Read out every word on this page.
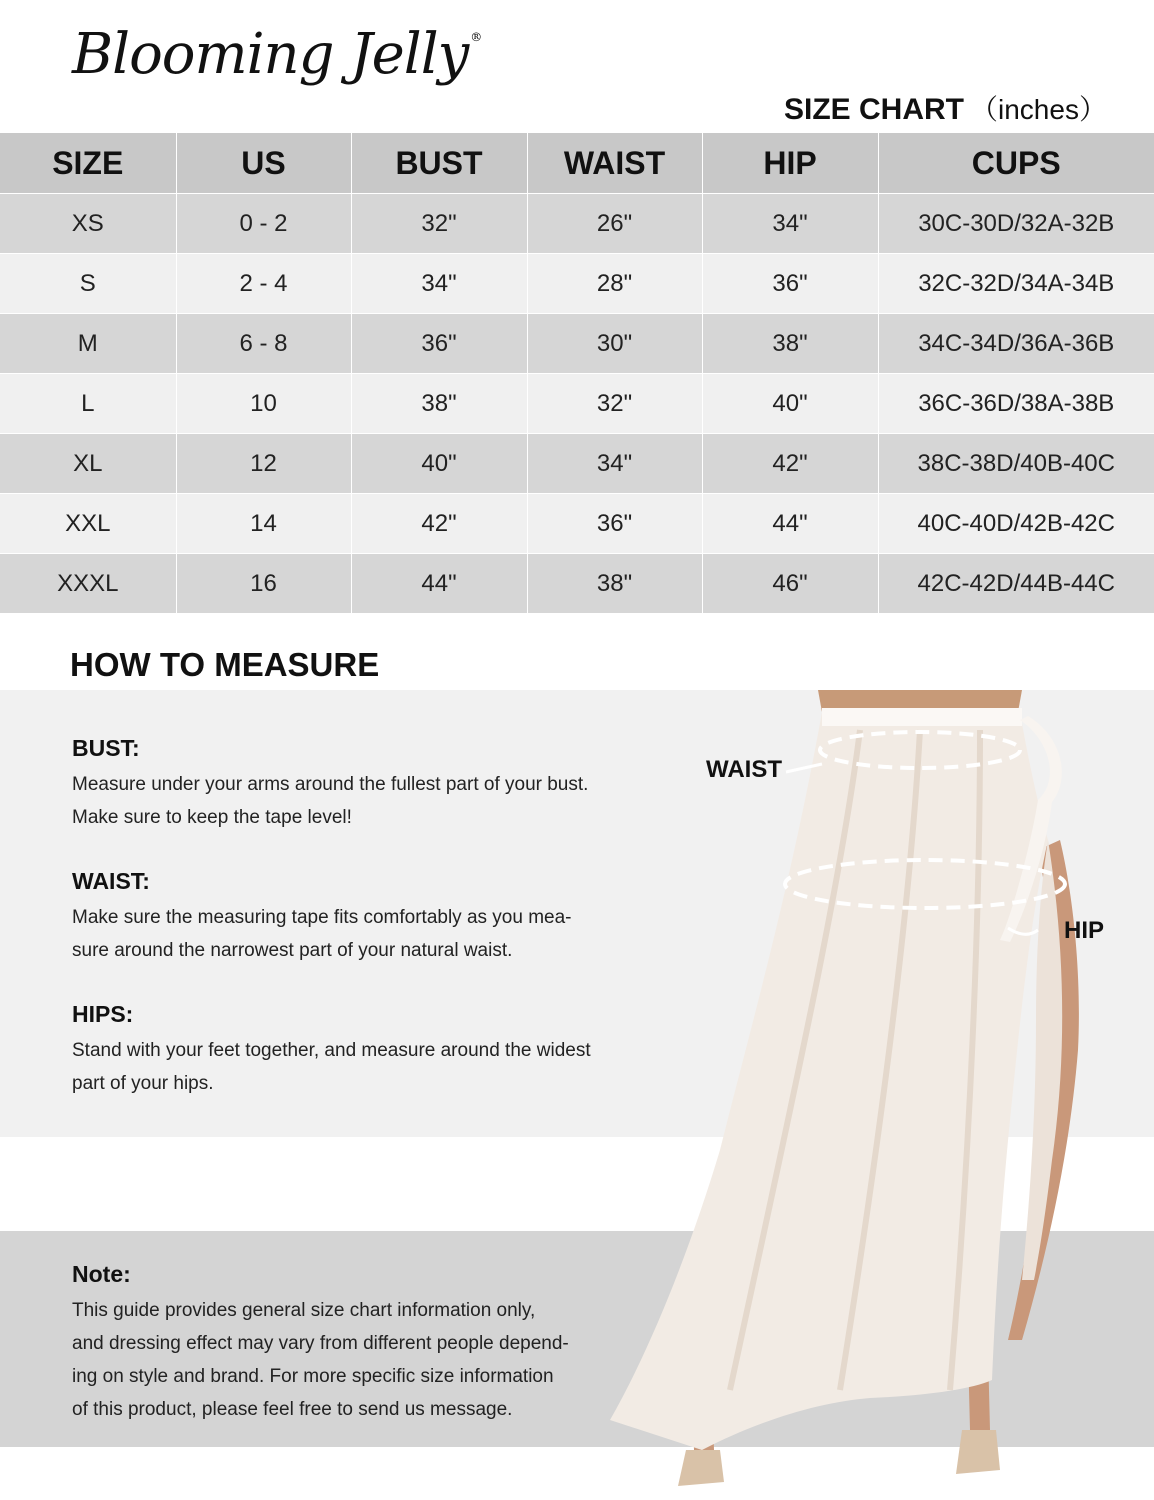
Blooming Jelly ®
SIZE CHART （inches）
SIZE	US	BUST	WAIST	HIP	CUPS
XS	0 - 2	32"	26"	34"	30C-30D/32A-32B
S	2 - 4	34"	28"	36"	32C-32D/34A-34B
M	6 - 8	36"	30"	38"	34C-34D/36A-36B
L	10	38"	32"	40"	36C-36D/38A-38B
XL	12	40"	34"	42"	38C-38D/40B-40C
XXL	14	42"	36"	44"	40C-40D/42B-42C
XXXL	16	44"	38"	46"	42C-42D/44B-44C
HOW TO MEASURE
WAIST
HIP
BUST:

Measure under your arms around the fullest part of your bust.

Make sure to keep the tape level!

WAIST:

Make sure the measuring tape fits comfortably as you mea-

sure around the narrowest part of your natural waist.

HIPS:

Stand with your feet together, and measure around the widest

part of your hips.

Note:

This guide provides general size chart information only,

and dressing effect may vary from different people depend-

ing on style and brand. For more specific size information

of this product, please feel free to send us message.
